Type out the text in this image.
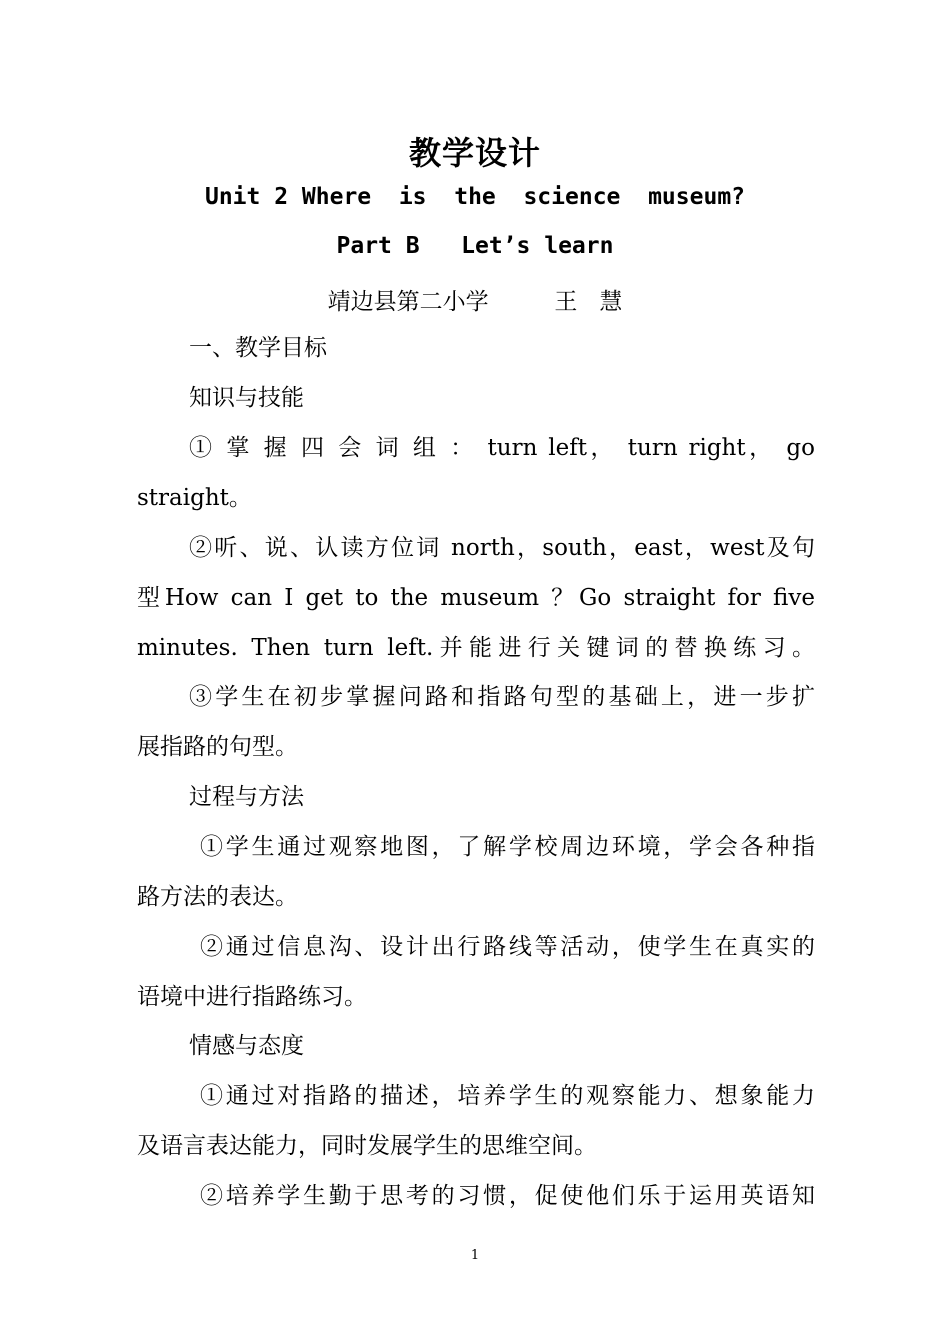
教学设计
Unit 2 Where  is  the  science  museum?
Part B   Let’s learn
靖边县第二小学         王   慧
一、教学目标
知识与技能
① 掌 握 四 会 词 组 ： turn left， turn right， go
straight。
②听、说、认读方位词 north，south，east，west及句
型How can I get to the museum ？Go straight for five
minutes. Then turn left.并能进行关键词的替换练习。
③学生在初步掌握问路和指路句型的基础上，进一步扩
展指路的句型。
过程与方法
①学生通过观察地图，了解学校周边环境，学会各种指
路方法的表达。
②通过信息沟、设计出行路线等活动，使学生在真实的
语境中进行指路练习。
情感与态度
①通过对指路的描述，培养学生的观察能力、想象能力
及语言表达能力，同时发展学生的思维空间。
②培养学生勤于思考的习惯，促使他们乐于运用英语知
1
